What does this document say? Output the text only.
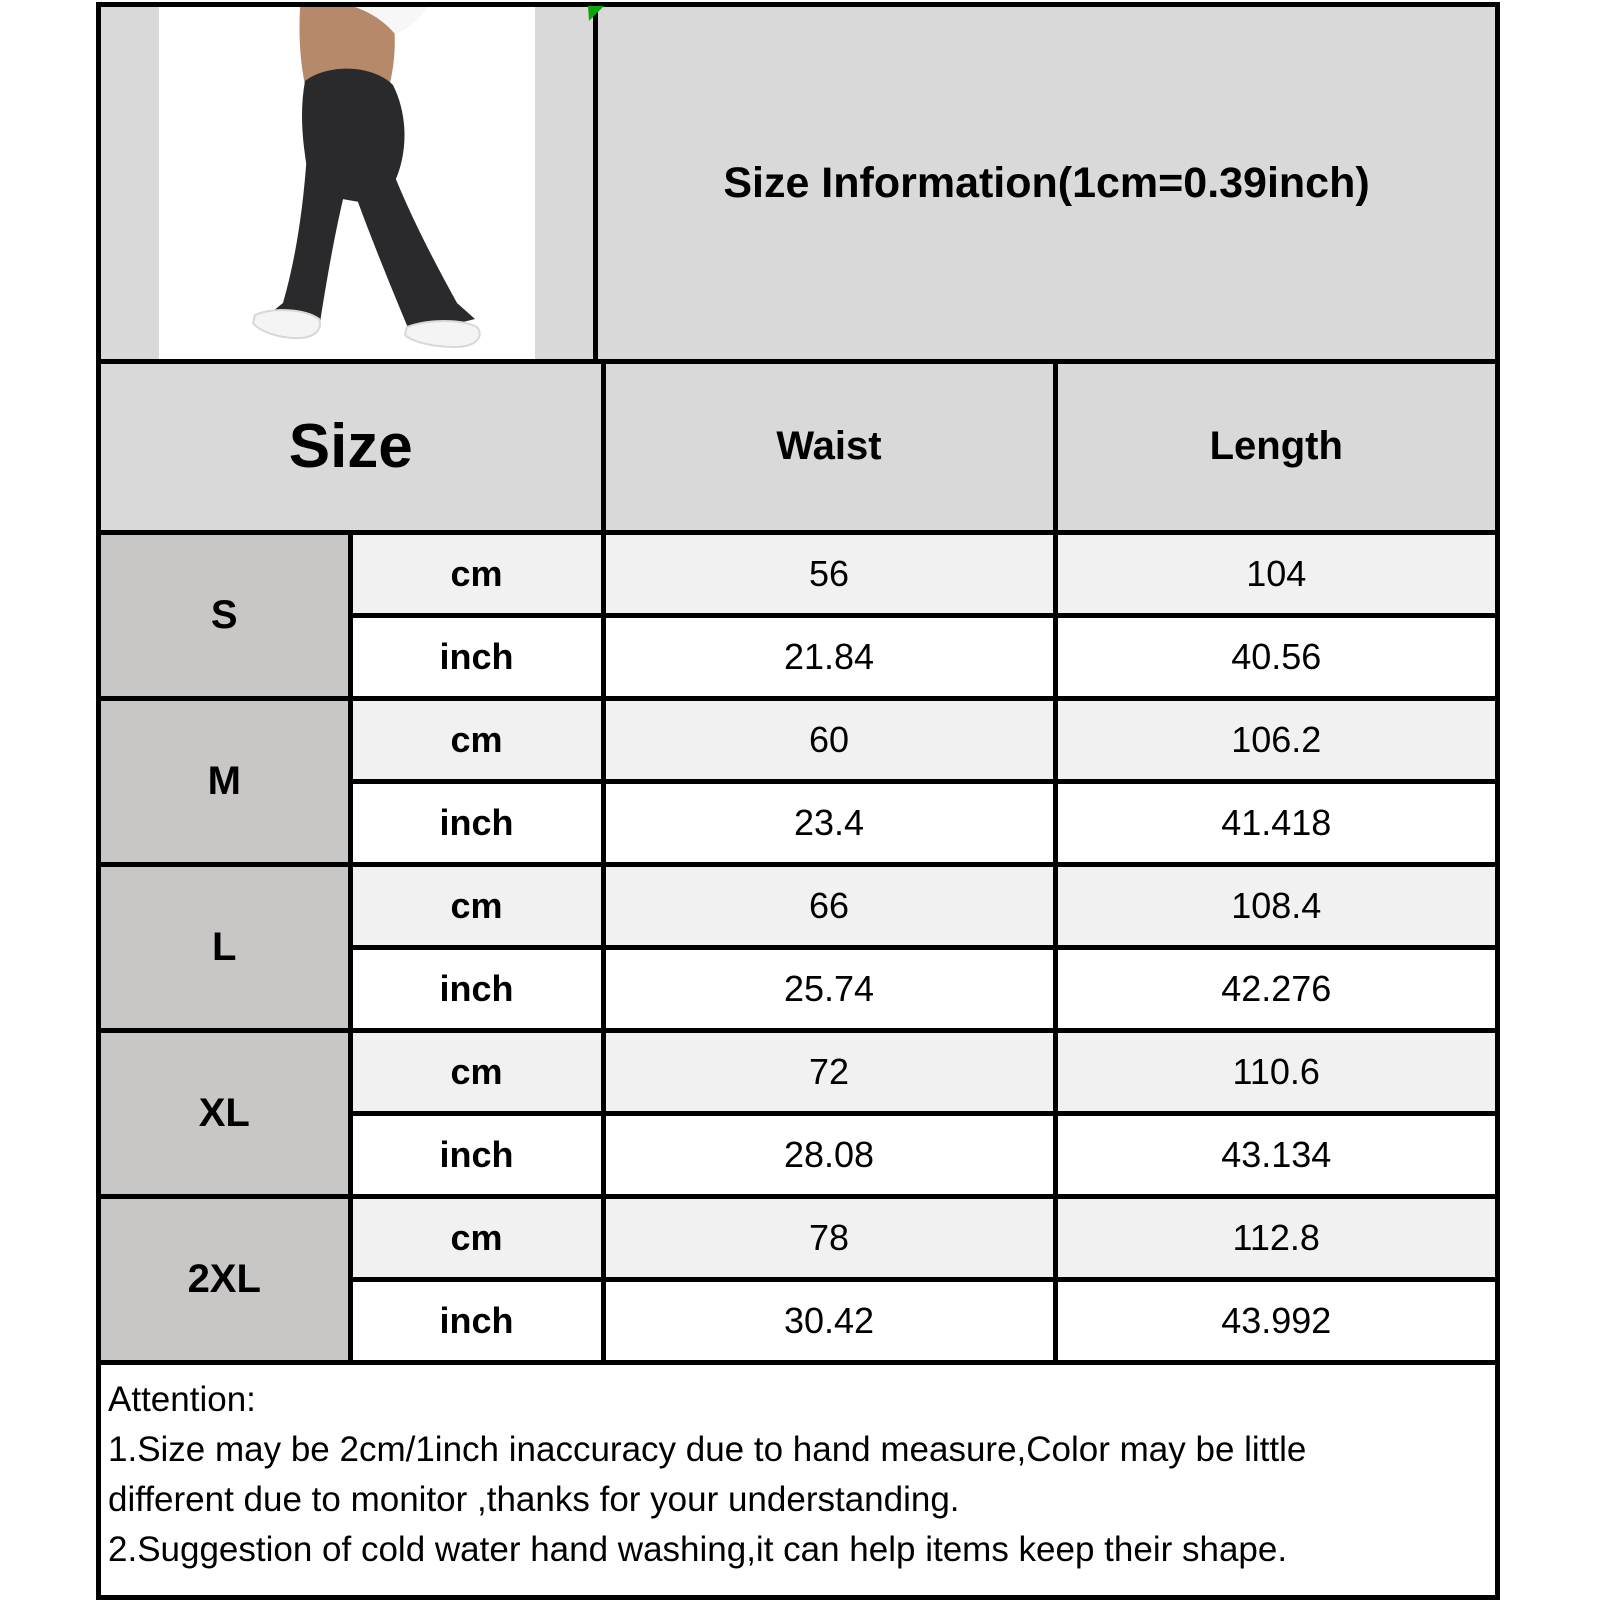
Size Information(1cm=0.39inch)
Size		Waist	Length
S	cm	56	104
	inch	21.84	40.56
M	cm	60	106.2
	inch	23.4	41.418
L	cm	66	108.4
	inch	25.74	42.276
XL	cm	72	110.6
	inch	28.08	43.134
2XL	cm	78	112.8
	inch	30.42	43.992
Attention:
1.Size may be 2cm/1inch inaccuracy due to hand measure,Color may be little
different due to monitor ,thanks for your understanding.
2.Suggestion of cold water hand washing,it can help items keep their shape.
